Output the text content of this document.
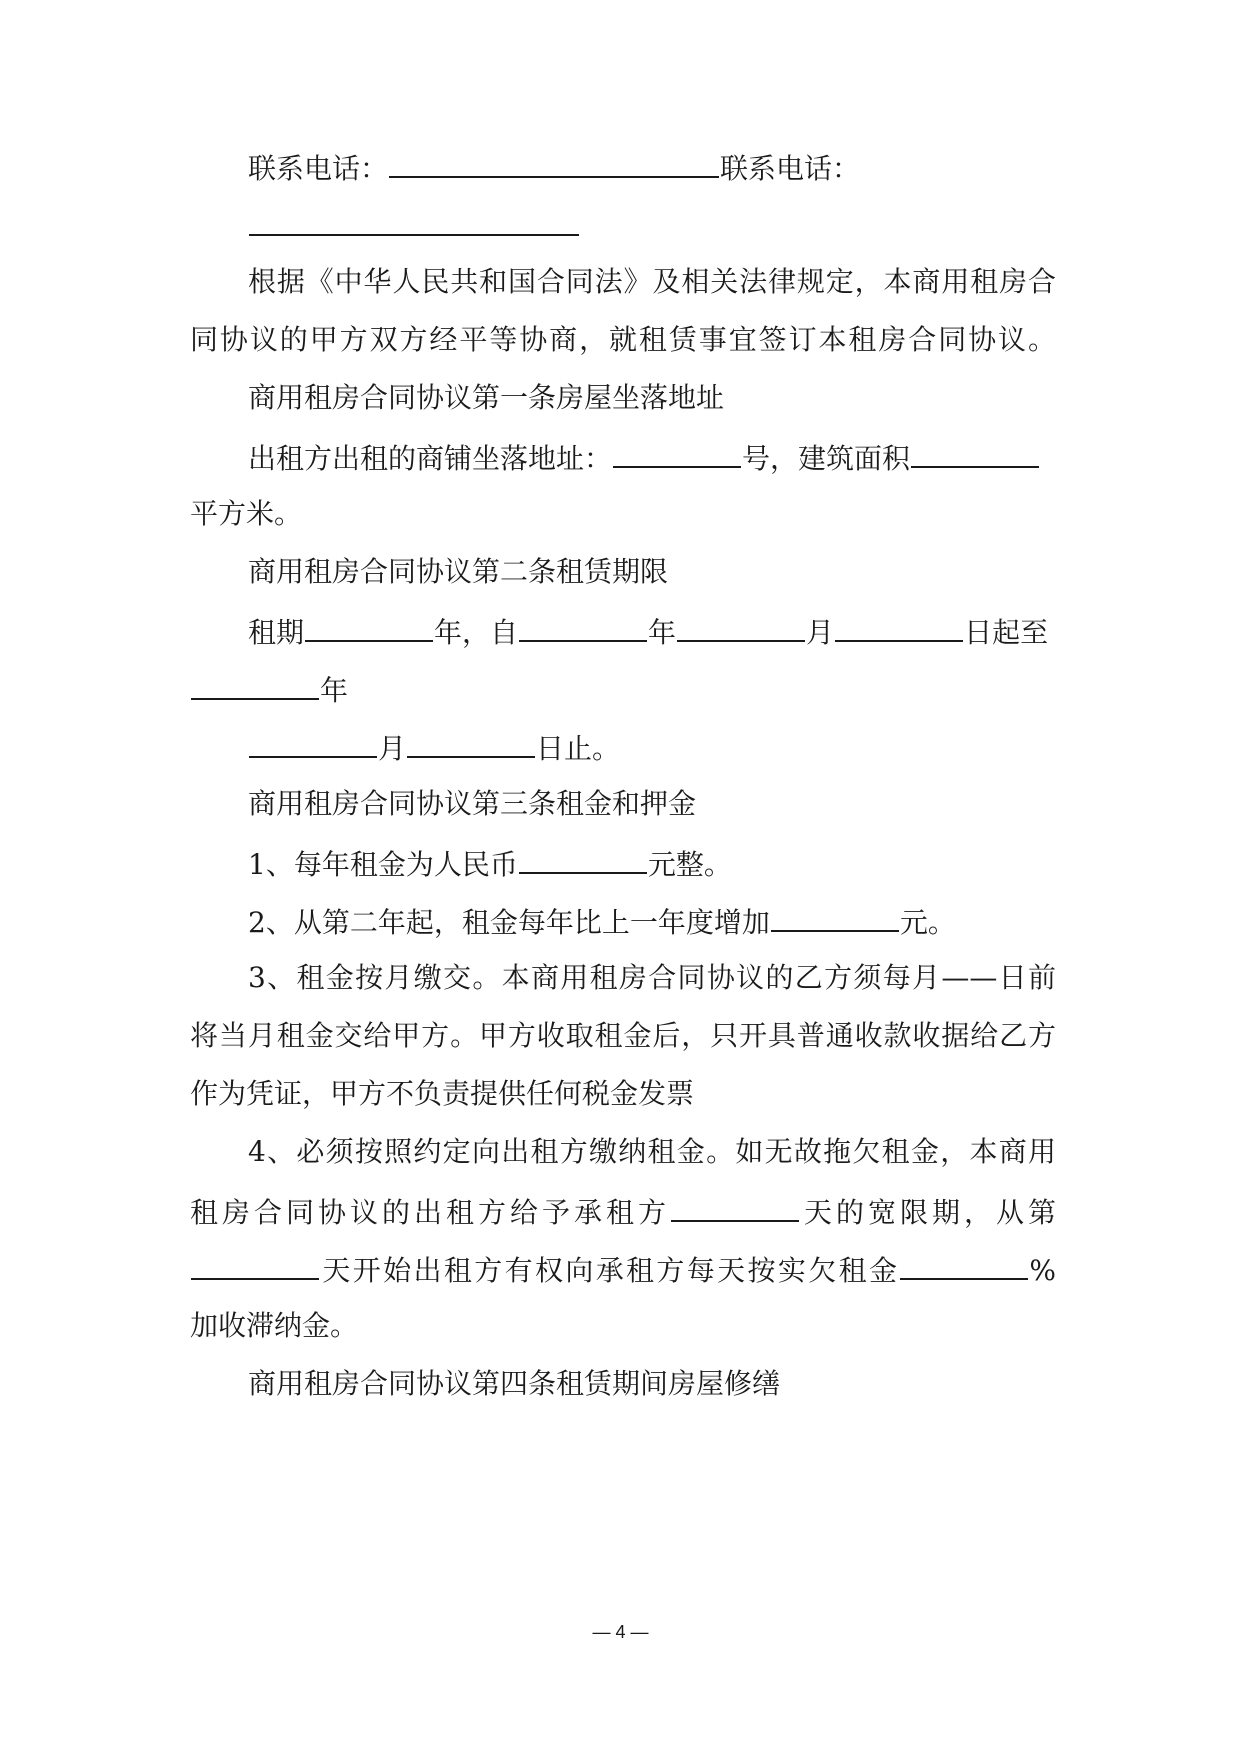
联系电话：	联系电话：
根据《中华人民共和国合同法》及相关法律规定，本商用租房合
同协议的甲方双方经平等协商，就租赁事宜签订本租房合同协议。
商用租房合同协议第一条房屋坐落地址
出租方出租的商铺坐落地址：	号，建筑面积
平方米。
商用租房合同协议第二条租赁期限
租期	年，自	年	月	日起至
年
月	日止。
商用租房合同协议第三条租金和押金
1、每年租金为人民币	元整。
2、从第二年起，租金每年比上一年度增加	元。
3、租金按月缴交。本商用租房合同协议的乙方须每月——日前
将当月租金交给甲方。甲方收取租金后，只开具普通收款收据给乙方
作为凭证，甲方不负责提供任何税金发票
4、必须按照约定向出租方缴纳租金。如无故拖欠租金，本商用
租房合同协议的出租方给予承租方	天的宽限期，从第
天开始出租方有权向承租方每天按实欠租金	%
加收滞纳金。
商用租房合同协议第四条租赁期间房屋修缮
— 4 —
